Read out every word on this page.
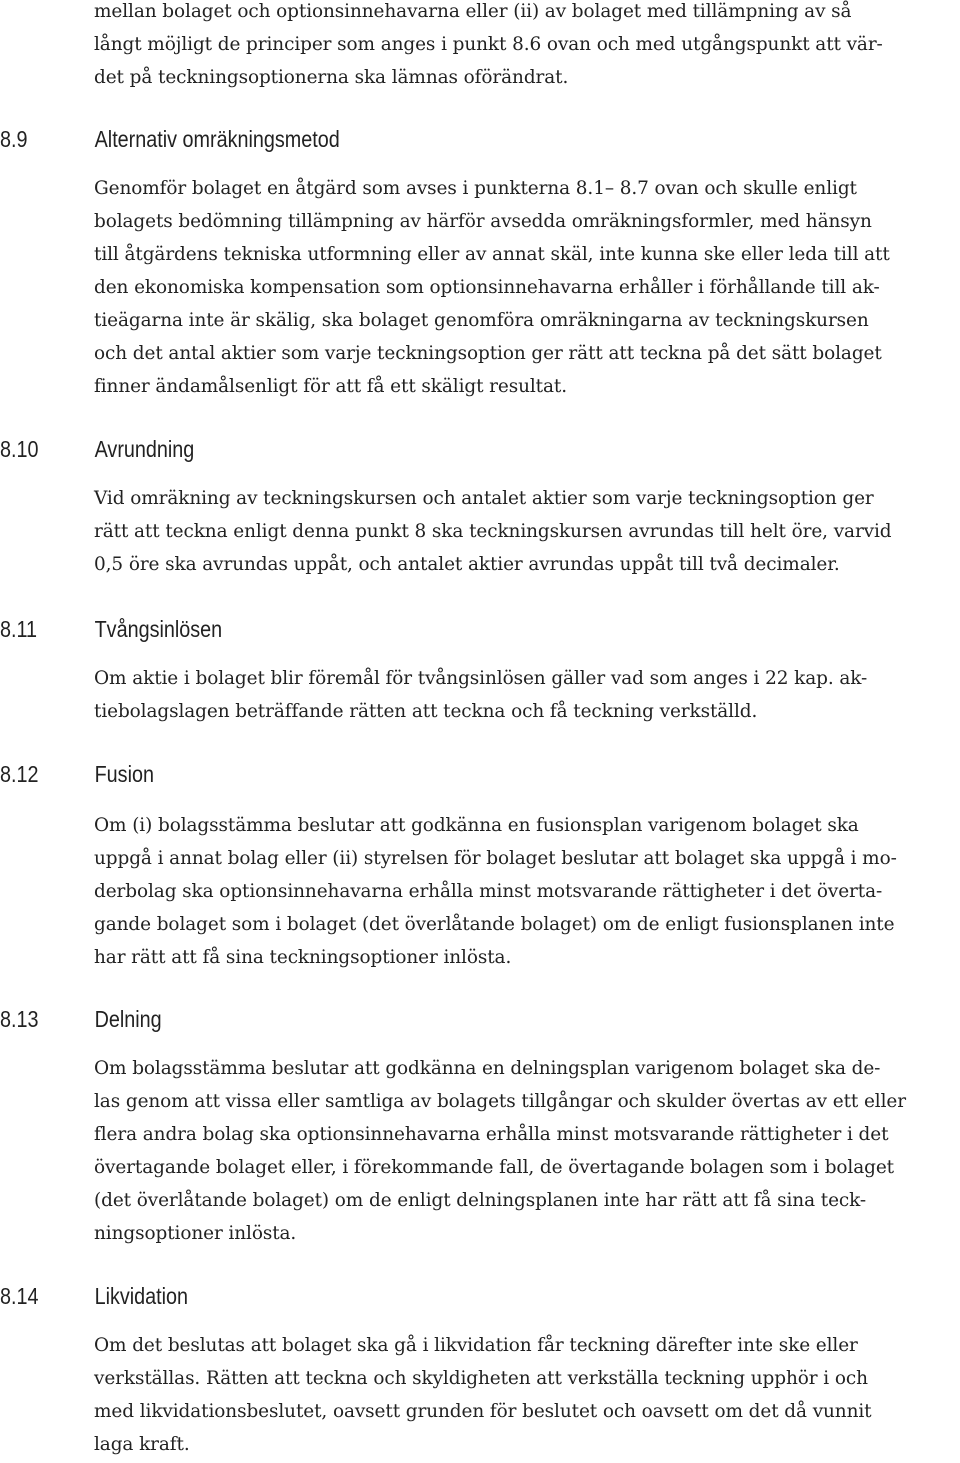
mellan bolaget och optionsinnehavarna eller (ii) av bolaget med tillämpning av så
långt möjligt de principer som anges i punkt 8.6 ovan och med utgångspunkt att vär-
det på teckningsoptionerna ska lämnas oförändrat.
8.9	Alternativ omräkningsmetod
Genomför bolaget en åtgärd som avses i punkterna 8.1– 8.7 ovan och skulle enligt
bolagets bedömning tillämpning av härför avsedda omräkningsformler, med hänsyn
till åtgärdens tekniska utformning eller av annat skäl, inte kunna ske eller leda till att
den ekonomiska kompensation som optionsinnehavarna erhåller i förhållande till ak-
tieägarna inte är skälig, ska bolaget genomföra omräkningarna av teckningskursen
och det antal aktier som varje teckningsoption ger rätt att teckna på det sätt bolaget
finner ändamålsenligt för att få ett skäligt resultat.
8.10 Avrundning
Vid omräkning av teckningskursen och antalet aktier som varje teckningsoption ger
rätt att teckna enligt denna punkt 8 ska teckningskursen avrundas till helt öre, varvid
0,5 öre ska avrundas uppåt, och antalet aktier avrundas uppåt till två decimaler.
8.11	Tvångsinlösen
Om aktie i bolaget blir föremål för tvångsinlösen gäller vad som anges i 22 kap. ak-
tiebolagslagen beträffande rätten att teckna och få teckning verkställd.
8.12 Fusion
Om (i) bolagsstämma beslutar att godkänna en fusionsplan varigenom bolaget ska
uppgå i annat bolag eller (ii) styrelsen för bolaget beslutar att bolaget ska uppgå i mo-
derbolag ska optionsinnehavarna erhålla minst motsvarande rättigheter i det överta-
gande bolaget som i bolaget (det överlåtande bolaget) om de enligt fusionsplanen inte
har rätt att få sina teckningsoptioner inlösta.
8.13 Delning
Om bolagsstämma beslutar att godkänna en delningsplan varigenom bolaget ska de-
las genom att vissa eller samtliga av bolagets tillgångar och skulder övertas av ett eller
flera andra bolag ska optionsinnehavarna erhålla minst motsvarande rättigheter i det
övertagande bolaget eller, i förekommande fall, de övertagande bolagen som i bolaget
(det överlåtande bolaget) om de enligt delningsplanen inte har rätt att få sina teck-
ningsoptioner inlösta.
8.14 Likvidation
Om det beslutas att bolaget ska gå i likvidation får teckning därefter inte ske eller
verkställas. Rätten att teckna och skyldigheten att verkställa teckning upphör i och
med likvidationsbeslutet, oavsett grunden för beslutet och oavsett om det då vunnit
laga kraft.
